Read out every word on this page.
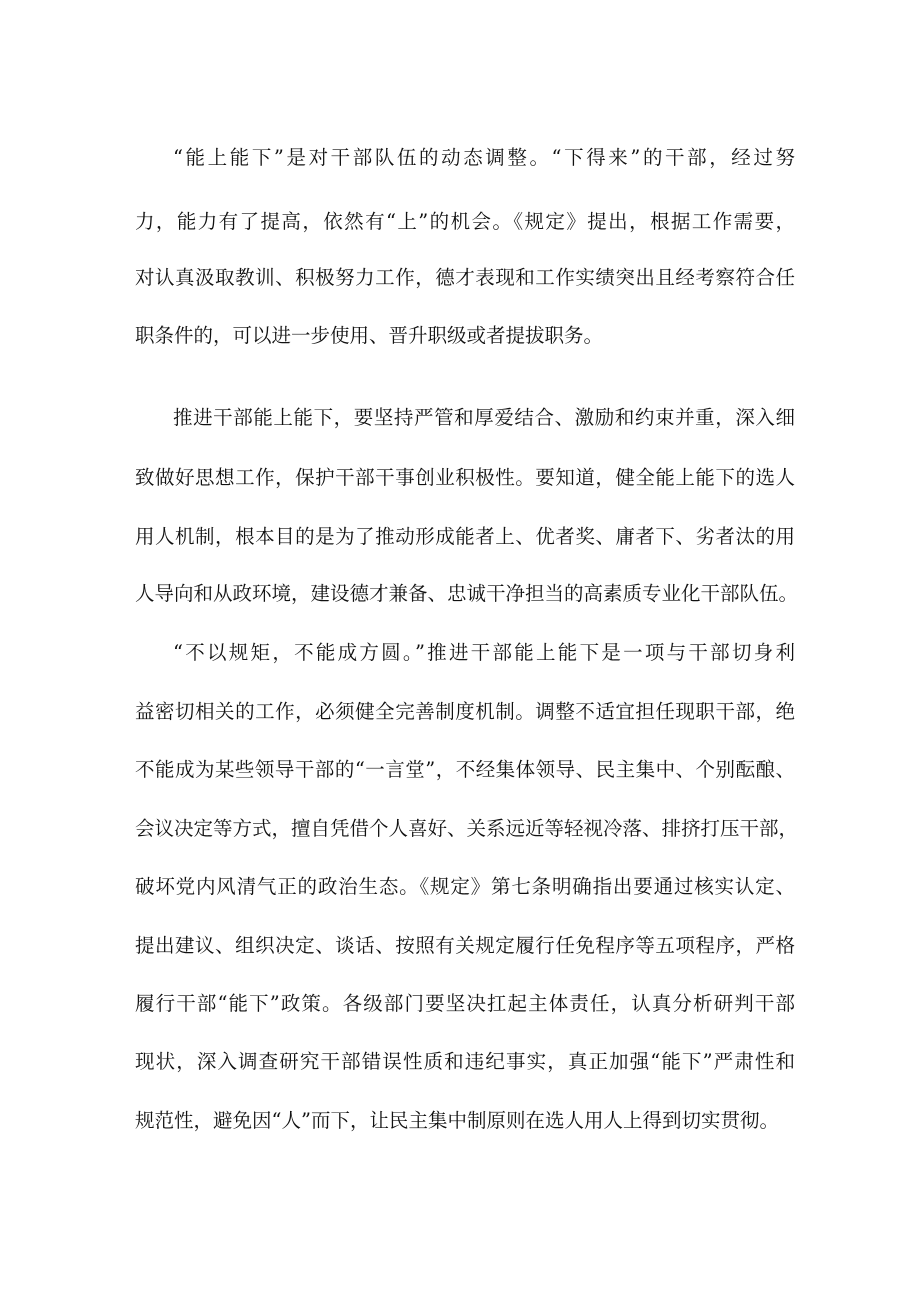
“能上能下”是对干部队伍的动态调整。“下得来”的干部，经过努
力，能力有了提高，依然有“上”的机会。《规定》提出，根据工作需要，
对认真汲取教训、积极努力工作，德才表现和工作实绩突出且经考察符合任
职条件的，可以进一步使用、晋升职级或者提拔职务。
推进干部能上能下，要坚持严管和厚爱结合、激励和约束并重，深入细
致做好思想工作，保护干部干事创业积极性。要知道，健全能上能下的选人
用人机制，根本目的是为了推动形成能者上、优者奖、庸者下、劣者汰的用
人导向和从政环境，建设德才兼备、忠诚干净担当的高素质专业化干部队伍。
“不以规矩，不能成方圆。”推进干部能上能下是一项与干部切身利
益密切相关的工作，必须健全完善制度机制。调整不适宜担任现职干部，绝
不能成为某些领导干部的“一言堂”，不经集体领导、民主集中、个别酝酿、
会议决定等方式，擅自凭借个人喜好、关系远近等轻视冷落、排挤打压干部，
破坏党内风清气正的政治生态。《规定》第七条明确指出要通过核实认定、
提出建议、组织决定、谈话、按照有关规定履行任免程序等五项程序，严格
履行干部“能下”政策。各级部门要坚决扛起主体责任，认真分析研判干部
现状，深入调查研究干部错误性质和违纪事实，真正加强“能下”严肃性和
规范性，避免因“人”而下，让民主集中制原则在选人用人上得到切实贯彻。
